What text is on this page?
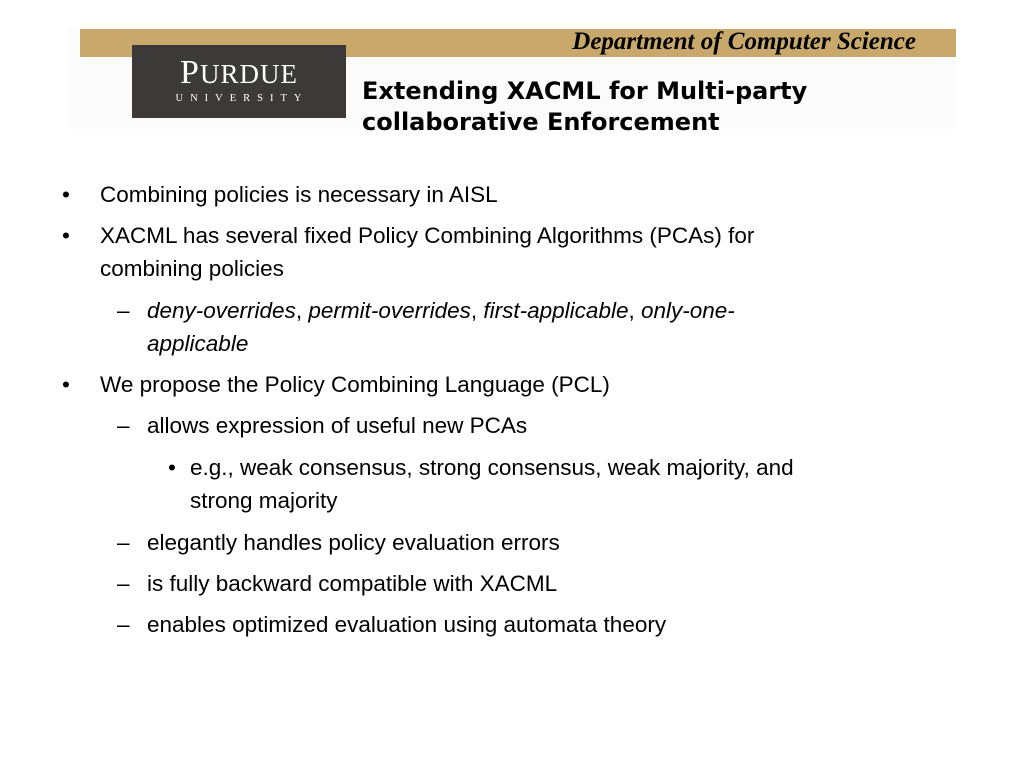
Department of Computer Science
PURDUE
UNIVERSITY	Extending XACML for Multi-party
collaborative Enforcement
• Combining policies is necessary in AISL
• XACML has several fixed Policy Combining Algorithms (PCAs) for
combining policies
– deny-overrides, permit-overrides, first-applicable, only-one-
applicable
• We propose the Policy Combining Language (PCL)
– allows expression of useful new PCAs
• e.g., weak consensus, strong consensus, weak majority, and
strong majority
– elegantly handles policy evaluation errors
– is fully backward compatible with XACML
– enables optimized evaluation using automata theory
